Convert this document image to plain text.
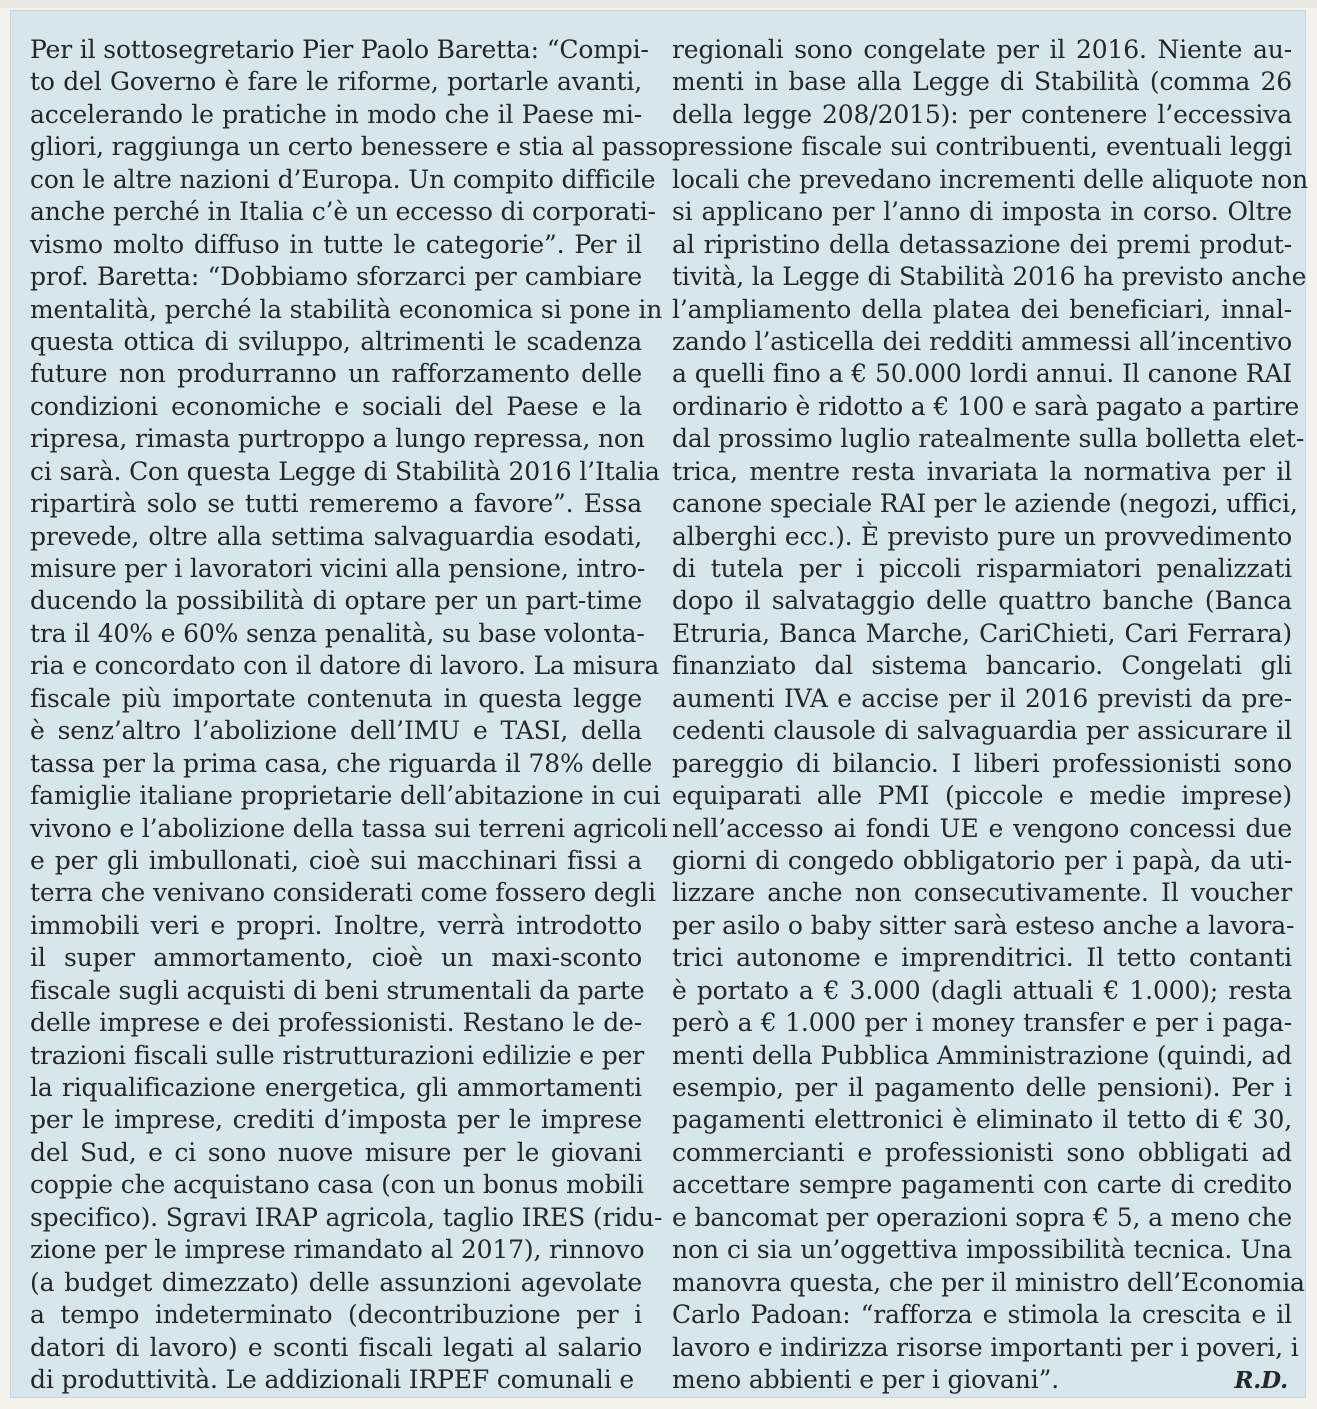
Per il sottosegretario Pier Paolo Baretta: “Compi-
to del Governo è fare le riforme, portarle avanti,
accelerando le pratiche in modo che il Paese mi-
gliori, raggiunga un certo benessere e stia al passo
con le altre nazioni d’Europa. Un compito difficile
anche perché in Italia c’è un eccesso di corporati-
vismo molto diffuso in tutte le categorie”. Per il
prof. Baretta: “Dobbiamo sforzarci per cambiare
mentalità, perché la stabilità economica si pone in
questa ottica di sviluppo, altrimenti le scadenza
future non produrranno un rafforzamento delle
condizioni economiche e sociali del Paese e la
ripresa, rimasta purtroppo a lungo repressa, non
ci sarà. Con questa Legge di Stabilità 2016 l’Italia
ripartirà solo se tutti remeremo a favore”. Essa
prevede, oltre alla settima salvaguardia esodati,
misure per i lavoratori vicini alla pensione, intro-
ducendo la possibilità di optare per un part-time
tra il 40% e 60% senza penalità, su base volonta-
ria e concordato con il datore di lavoro. La misura
fiscale più importate contenuta in questa legge
è senz’altro l’abolizione dell’IMU e TASI, della
tassa per la prima casa, che riguarda il 78% delle
famiglie italiane proprietarie dell’abitazione in cui
vivono e l’abolizione della tassa sui terreni agricoli
e per gli imbullonati, cioè sui macchinari fissi a
terra che venivano considerati come fossero degli
immobili veri e propri. Inoltre, verrà introdotto
il super ammortamento, cioè un maxi-sconto
fiscale sugli acquisti di beni strumentali da parte
delle imprese e dei professionisti. Restano le de-
trazioni fiscali sulle ristrutturazioni edilizie e per
la riqualificazione energetica, gli ammortamenti
per le imprese, crediti d’imposta per le imprese
del Sud, e ci sono nuove misure per le giovani
coppie che acquistano casa (con un bonus mobili
specifico). Sgravi IRAP agricola, taglio IRES (ridu-
zione per le imprese rimandato al 2017), rinnovo
(a budget dimezzato) delle assunzioni agevolate
a tempo indeterminato (decontribuzione per i
datori di lavoro) e sconti fiscali legati al salario
di produttività. Le addizionali IRPEF comunali e
regionali sono congelate per il 2016. Niente au-
menti in base alla Legge di Stabilità (comma 26
della legge 208/2015): per contenere l’eccessiva
pressione fiscale sui contribuenti, eventuali leggi
locali che prevedano incrementi delle aliquote non
si applicano per l’anno di imposta in corso. Oltre
al ripristino della detassazione dei premi produt-
tività, la Legge di Stabilità 2016 ha previsto anche
l’ampliamento della platea dei beneficiari, innal-
zando l’asticella dei redditi ammessi all’incentivo
a quelli fino a € 50.000 lordi annui. Il canone RAI
ordinario è ridotto a € 100 e sarà pagato a partire
dal prossimo luglio ratealmente sulla bolletta elet-
trica, mentre resta invariata la normativa per il
canone speciale RAI per le aziende (negozi, uffici,
alberghi ecc.). È previsto pure un provvedimento
di tutela per i piccoli risparmiatori penalizzati
dopo il salvataggio delle quattro banche (Banca
Etruria, Banca Marche, CariChieti, Cari Ferrara)
finanziato dal sistema bancario. Congelati gli
aumenti IVA e accise per il 2016 previsti da pre-
cedenti clausole di salvaguardia per assicurare il
pareggio di bilancio. I liberi professionisti sono
equiparati alle PMI (piccole e medie imprese)
nell’accesso ai fondi UE e vengono concessi due
giorni di congedo obbligatorio per i papà, da uti-
lizzare anche non consecutivamente. Il voucher
per asilo o baby sitter sarà esteso anche a lavora-
trici autonome e imprenditrici. Il tetto contanti
è portato a € 3.000 (dagli attuali € 1.000); resta
però a € 1.000 per i money transfer e per i paga-
menti della Pubblica Amministrazione (quindi, ad
esempio, per il pagamento delle pensioni). Per i
pagamenti elettronici è eliminato il tetto di € 30,
commercianti e professionisti sono obbligati ad
accettare sempre pagamenti con carte di credito
e bancomat per operazioni sopra € 5, a meno che
non ci sia un’oggettiva impossibilità tecnica. Una
manovra questa, che per il ministro dell’Economia
Carlo Padoan: “rafforza e stimola la crescita e il
lavoro e indirizza risorse importanti per i poveri, i
meno abbienti e per i giovani”.	R.D.
